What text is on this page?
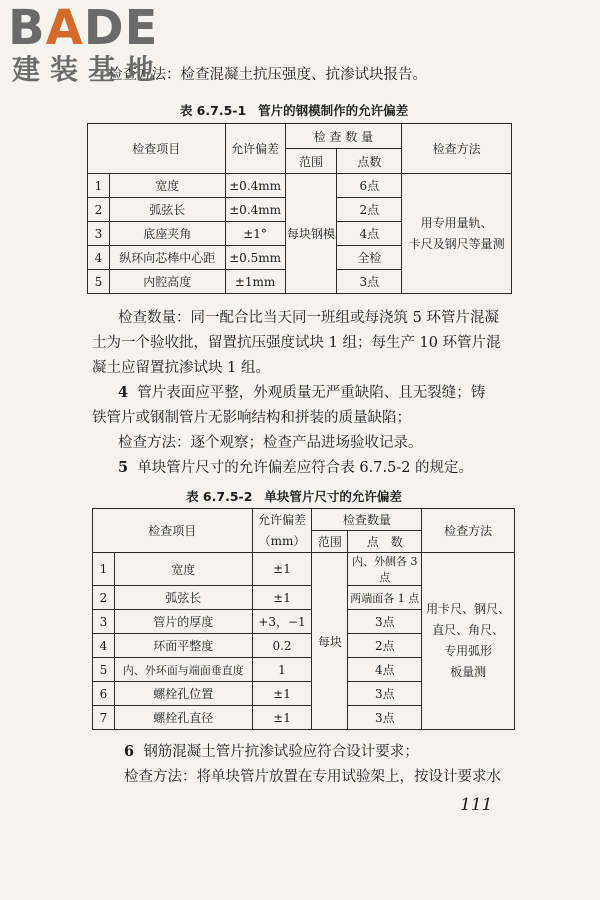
BADE
建装基地
检查方法：检查混凝土抗压强度、抗渗试块报告。
表 6.7.5-1 管片的钢模制作的允许偏差
检查项目		允许偏差	检 查 数 量		检查方法
			范围	点数	
1	宽度	±0.4mm	每块钢模	6点	用专用量轨、
卡尺及钢尺等量测

2	弧弦长	±0.4mm		2点	
3	底座夹角	±1°		4点	
4	纵环向芯棒中心距	±0.5mm		全检	
5	内腔高度	±1mm		3点	
检查数量：同一配合比当天同一班组或每浇筑 5 环管片混凝
土为一个验收批，留置抗压强度试块 1 组；每生产 10 环管片混
凝土应留置抗渗试块 1 组。
4 管片表面应平整，外观质量无严重缺陷、且无裂缝；铸
铁管片或钢制管片无影响结构和拼装的质量缺陷；
检查方法：逐个观察；检查产品进场验收记录。
5 单块管片尺寸的允许偏差应符合表 6.7.5-2 的规定。
表 6.7.5-2 单块管片尺寸的允许偏差
检查项目		允许偏差
（mm）	检查数量		检查方法
			范围	点　数	
1	宽度	±1	每块	内、外侧各 3 点	用卡尺、钢尺、
直尺、角尺、
专用弧形
板量测

2	弧弦长	±1		两端面各 1 点	
3	管片的厚度	+3，−1		3点	
4	环面平整度	0.2		2点	
5	内、外环面与端面垂直度	1		4点	
6	螺栓孔位置	±1		3点	
7	螺栓孔直径	±1		3点	
6 钢筋混凝土管片抗渗试验应符合设计要求；
检查方法：将单块管片放置在专用试验架上，按设计要求水
111
